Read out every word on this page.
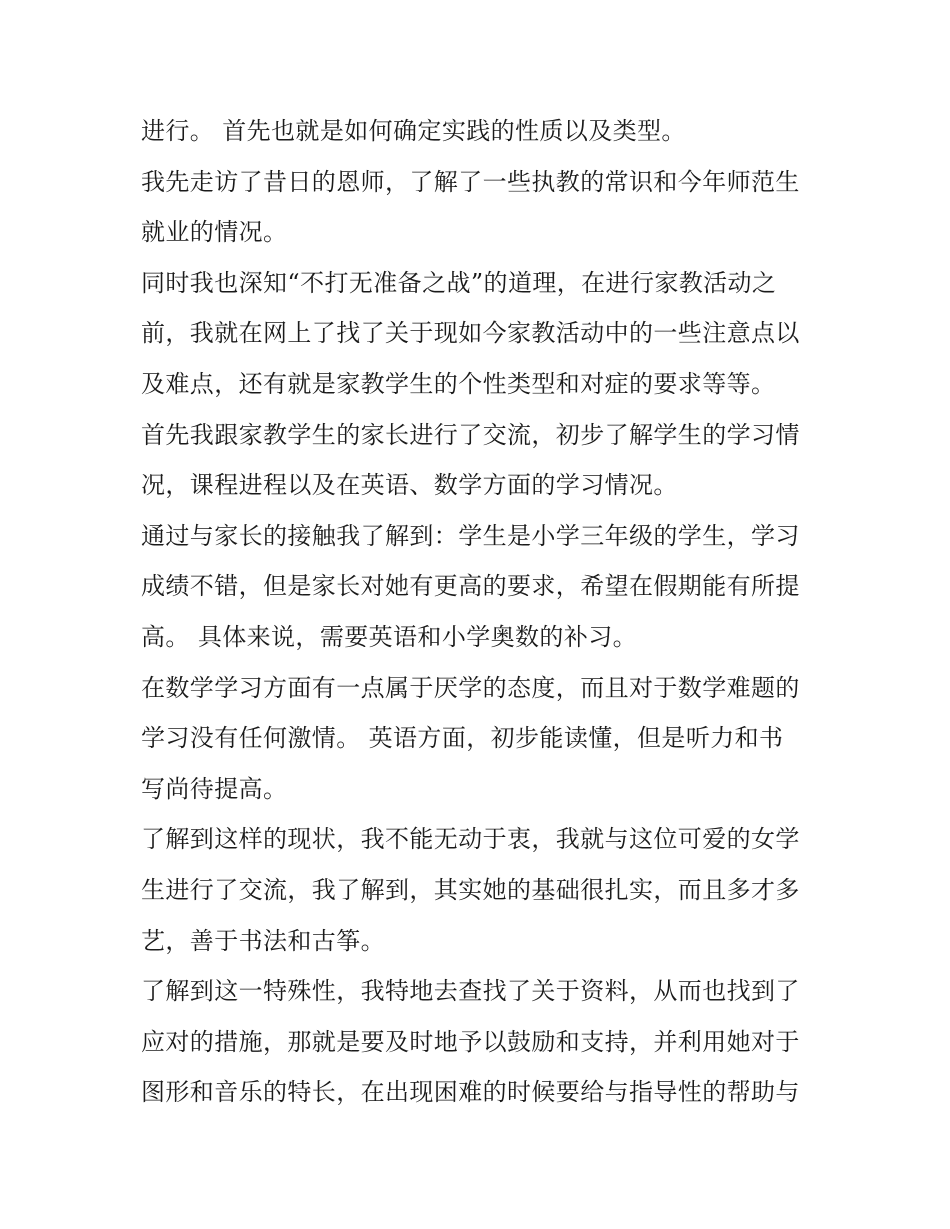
进行。 首先也就是如何确定实践的性质以及类型。
我先走访了昔日的恩师，了解了一些执教的常识和今年师范生
就业的情况。
同时我也深知“不打无准备之战”的道理，在进行家教活动之
前，我就在网上了找了关于现如今家教活动中的一些注意点以
及难点，还有就是家教学生的个性类型和对症的要求等等。
首先我跟家教学生的家长进行了交流，初步了解学生的学习情
况，课程进程以及在英语、数学方面的学习情况。
通过与家长的接触我了解到：学生是小学三年级的学生，学习
成绩不错，但是家长对她有更高的要求，希望在假期能有所提
高。 具体来说，需要英语和小学奥数的补习。
在数学学习方面有一点属于厌学的态度，而且对于数学难题的
学习没有任何激情。 英语方面，初步能读懂，但是听力和书
写尚待提高。
了解到这样的现状，我不能无动于衷，我就与这位可爱的女学
生进行了交流，我了解到，其实她的基础很扎实，而且多才多
艺，善于书法和古筝。
了解到这一特殊性，我特地去查找了关于资料，从而也找到了
应对的措施，那就是要及时地予以鼓励和支持，并利用她对于
图形和音乐的特长，在出现困难的时候要给与指导性的帮助与
